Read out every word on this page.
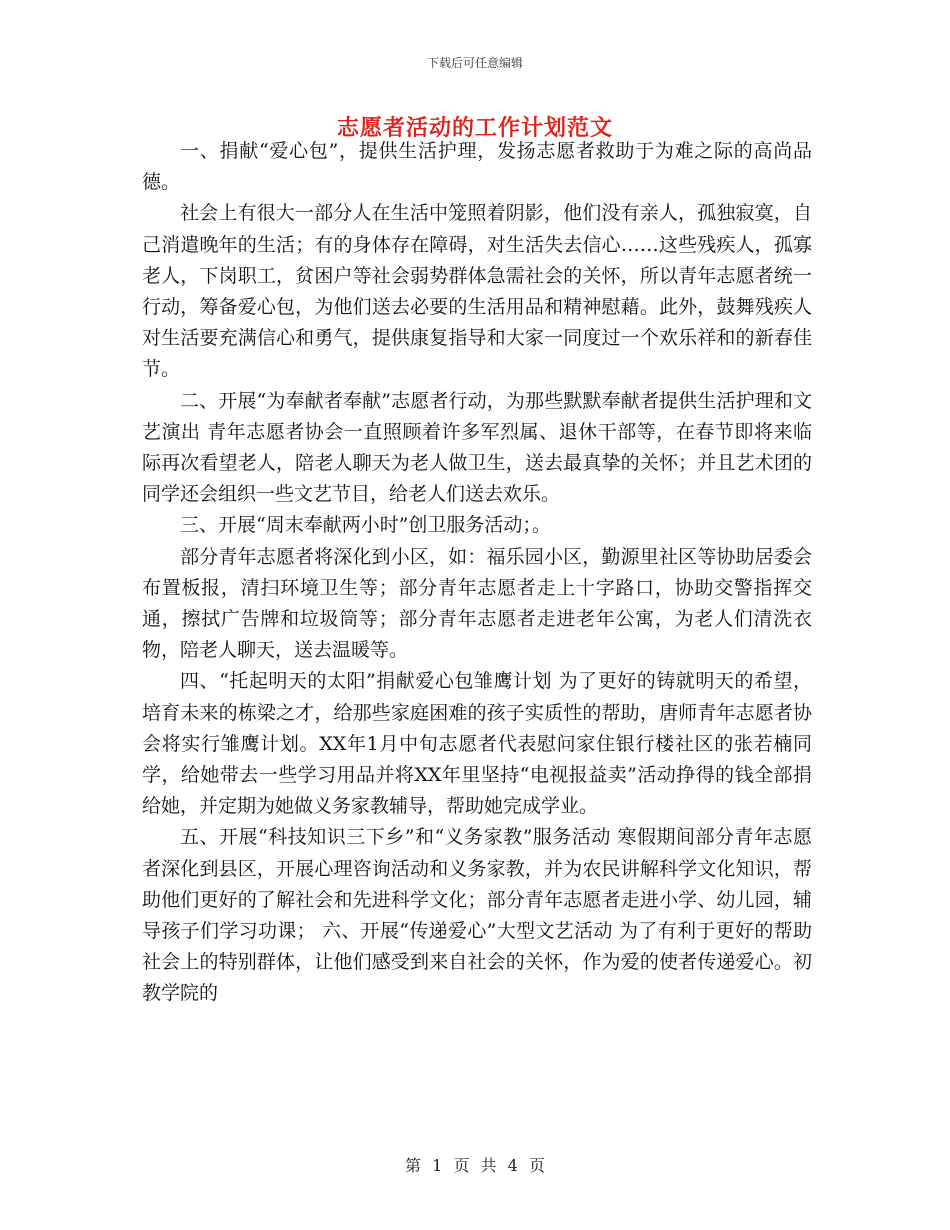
下载后可任意编辑
志愿者活动的工作计划范文

一、捐献“爱心包”，提供生活护理，发扬志愿者救助于为难之际的高尚品德。

社会上有很大一部分人在生活中笼照着阴影，他们没有亲人，孤独寂寞，自己消遣晚年的生活；有的身体存在障碍，对生活失去信心……这些残疾人，孤寡老人，下岗职工，贫困户等社会弱势群体急需社会的关怀，所以青年志愿者统一行动，筹备爱心包，为他们送去必要的生活用品和精神慰藉。此外，鼓舞残疾人对生活要充满信心和勇气，提供康复指导和大家一同度过一个欢乐祥和的新春佳节。

二、开展“为奉献者奉献”志愿者行动，为那些默默奉献者提供生活护理和文艺演出 青年志愿者协会一直照顾着许多军烈属、退休干部等，在春节即将来临际再次看望老人，陪老人聊天为老人做卫生，送去最真挚的关怀；并且艺术团的同学还会组织一些文艺节目，给老人们送去欢乐。

三、开展“周末奉献两小时”创卫服务活动；。

部分青年志愿者将深化到小区，如：福乐园小区，勤源里社区等协助居委会布置板报，清扫环境卫生等；部分青年志愿者走上十字路口，协助交警指挥交通，擦拭广告牌和垃圾筒等；部分青年志愿者走进老年公寓，为老人们清洗衣物，陪老人聊天，送去温暖等。

四、“托起明天的太阳”捐献爱心包雏鹰计划 为了更好的铸就明天的希望，培育未来的栋梁之才，给那些家庭困难的孩子实质性的帮助，唐师青年志愿者协会将实行雏鹰计划。XX年1月中旬志愿者代表慰问家住银行楼社区的张若楠同学，给她带去一些学习用品并将XX年里坚持“电视报益卖”活动挣得的钱全部捐给她，并定期为她做义务家教辅导，帮助她完成学业。

五、开展“科技知识三下乡”和“义务家教”服务活动 寒假期间部分青年志愿者深化到县区，开展心理咨询活动和义务家教，并为农民讲解科学文化知识，帮助他们更好的了解社会和先进科学文化；部分青年志愿者走进小学、幼儿园，辅导孩子们学习功课； 六、开展“传递爱心”大型文艺活动 为了有利于更好的帮助社会上的特别群体，让他们感受到来自社会的关怀，作为爱的使者传递爱心。初教学院的

第 1 页 共 4 页
